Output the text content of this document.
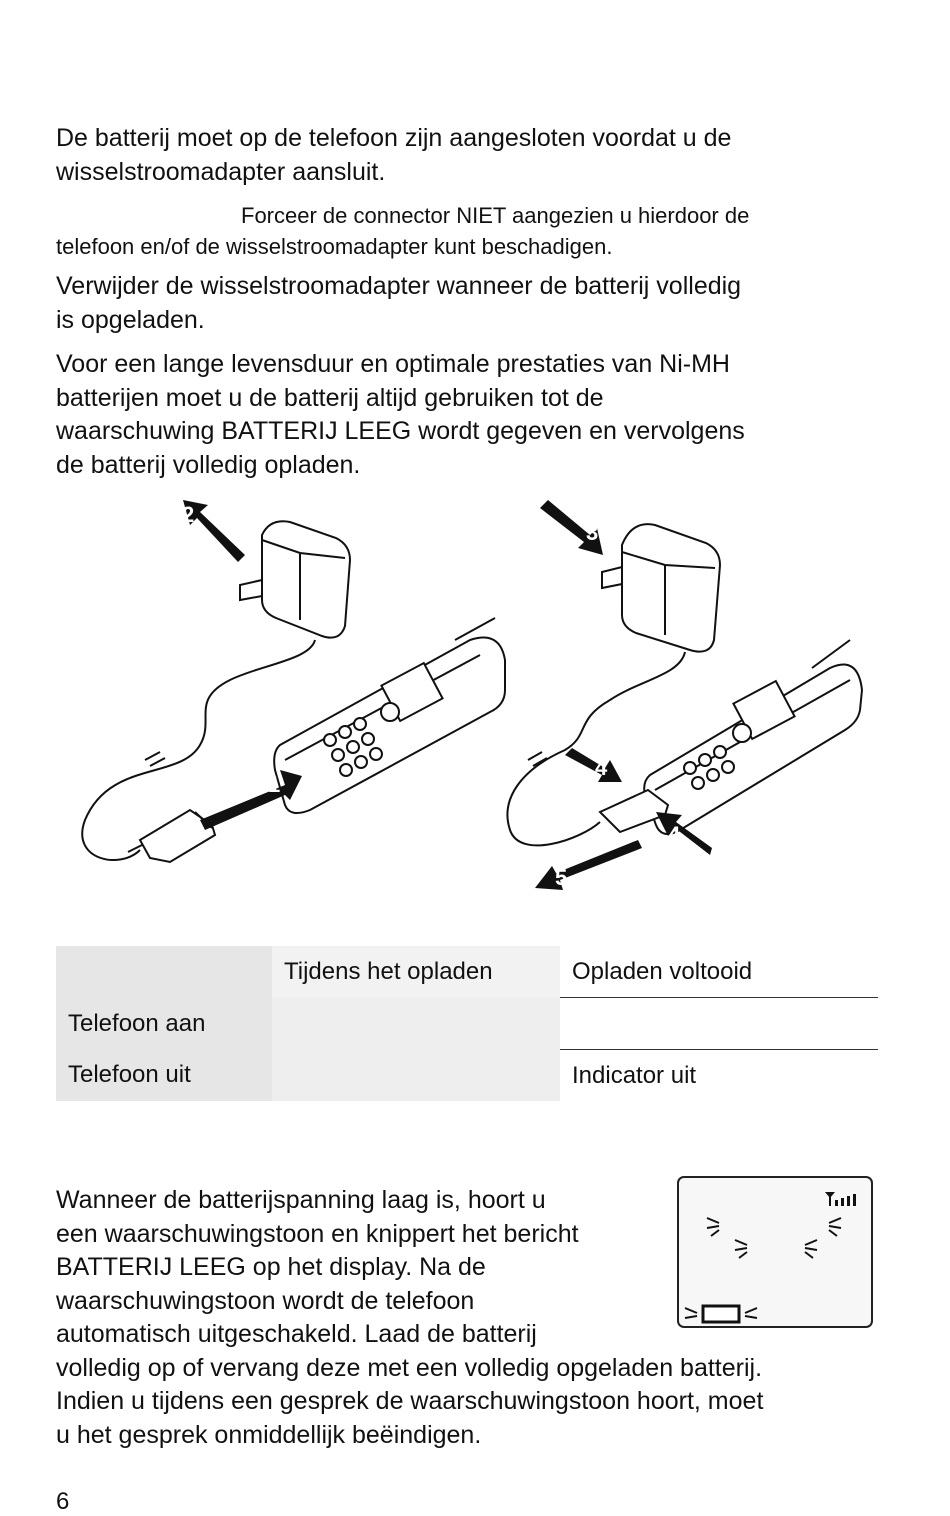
De batterij moet op de telefoon zijn aangesloten voordat u de
wisselstroomadapter aansluit.
Forceer de connector NIET aangezien u hierdoor de
telefoon en/of de wisselstroomadapter kunt beschadigen.
Verwijder de wisselstroomadapter wanneer de batterij volledig
is opgeladen.
Voor een lange levensduur en optimale prestaties van Ni-MH
batterijen moet u de batterij altijd gebruiken tot de
waarschuwing BATTERIJ LEEG wordt gegeven en vervolgens
de batterij volledig opladen.
1
2
3
4
4
5
	Tijdens het opladen	Opladen voltooid
Telefoon aan		
Telefoon uit		Indicator uit
Wanneer de batterijspanning laag is, hoort u
een waarschuwingstoon en knippert het bericht
BATTERIJ LEEG op het display. Na de
waarschuwingstoon wordt de telefoon
automatisch uitgeschakeld. Laad de batterij
volledig op of vervang deze met een volledig opgeladen batterij.
Indien u tijdens een gesprek de waarschuwingstoon hoort, moet
u het gesprek onmiddellijk beëindigen.
6
